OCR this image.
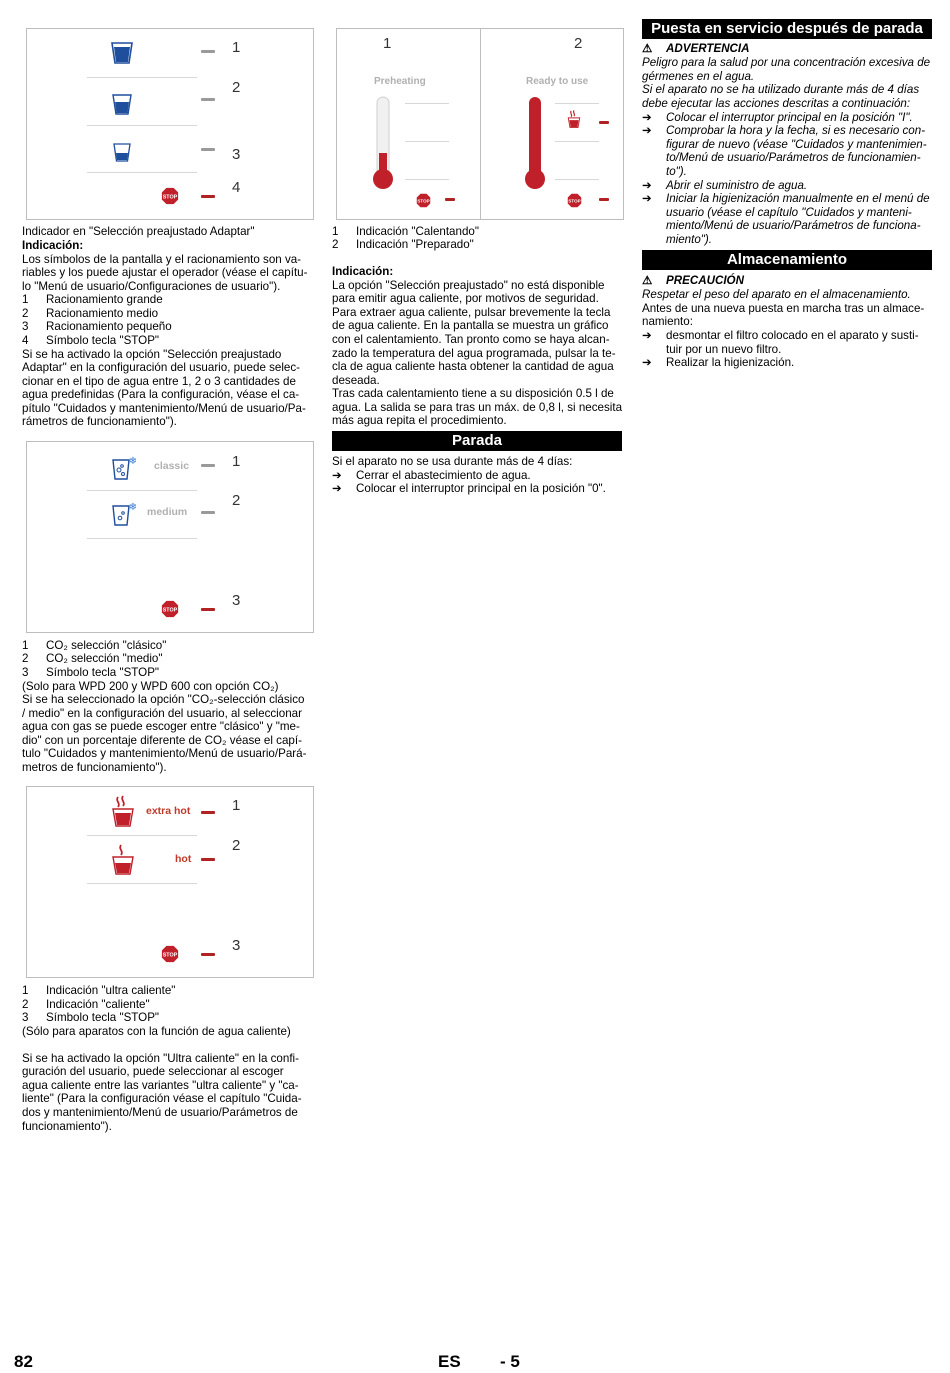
STOP
1
2
3
4
Indicador en "Selección preajustado Adaptar"
Indicación:
Los símbolos de la pantalla y el racionamiento son va-
riables y los puede ajustar el operador (véase el capítu-
lo "Menú de usuario/Configuraciones de usuario").
1 Racionamiento grande
2 Racionamiento medio
3 Racionamiento pequeño
4 Símbolo tecla "STOP"
Si se ha activado la opción "Selección preajustado
Adaptar" en la configuración del usuario, puede selec-
cionar en el tipo de agua entre 1, 2 o 3 cantidades de
agua predefinidas (Para la configuración, véase el ca-
pítulo "Cuidados y mantenimiento/Menú de usuario/Pa-
rámetros de funcionamiento").
❄ classic
❄ medium
STOP
1
2
3
1 CO₂ selección "clásico"
2 CO₂ selección "medio"
3 Símbolo tecla "STOP"
(Solo para WPD 200 y WPD 600 con opción CO₂)
Si se ha seleccionado la opción "CO₂-selección clásico
/ medio" en la configuración del usuario, al seleccionar
agua con gas se puede escoger entre "clásico" y "me-
dio" con un porcentaje diferente de CO₂ véase el capí-
tulo "Cuidados y mantenimiento/Menú de usuario/Pará-
metros de funcionamiento").
extra hot
hot
STOP
1
2
3
1 Indicación "ultra caliente"
2 Indicación "caliente"
3 Símbolo tecla "STOP"
(Sólo para aparatos con la función de agua caliente)
Si se ha activado la opción "Ultra caliente" en la confi-
guración del usuario, puede seleccionar al escoger
agua caliente entre las variantes "ultra caliente" y "ca-
liente" (Para la configuración véase el capítulo "Cuida-
dos y mantenimiento/Menú de usuario/Parámetros de
funcionamiento").
1	2
Preheating	Ready to use
STOP	STOP
1 Indicación "Calentando"
2 Indicación "Preparado"
Indicación:
La opción "Selección preajustado" no está disponible
para emitir agua caliente, por motivos de seguridad.
Para extraer agua caliente, pulsar brevemente la tecla
de agua caliente. En la pantalla se muestra un gráfico
con el calentamiento. Tan pronto como se haya alcan-
zado la temperatura del agua programada, pulsar la te-
cla de agua caliente hasta obtener la cantidad de agua
deseada.
Tras cada calentamiento tiene a su disposición 0.5 l de
agua. La salida se para tras un máx. de 0,8 l, si necesita
más agua repita el procedimiento.
Parada
Si el aparato no se usa durante más de 4 días:
➔ Cerrar el abastecimiento de agua.
➔ Colocar el interruptor principal en la posición "0".
Puesta en servicio después de parada
⚠ ADVERTENCIA
Peligro para la salud por una concentración excesiva de
gérmenes en el agua.
Si el aparato no se ha utilizado durante más de 4 días
debe ejecutar las acciones descritas a continuación:
➔ Colocar el interruptor principal en la posición "I".
➔ Comprobar la hora y la fecha, si es necesario con-
figurar de nuevo (véase "Cuidados y mantenimien-
to/Menú de usuario/Parámetros de funcionamien-
to").
➔ Abrir el suministro de agua.
➔ Iniciar la higienización manualmente en el menú de
usuario (véase el capítulo "Cuidados y manteni-
miento/Menú de usuario/Parámetros de funciona-
miento").
Almacenamiento
⚠ PRECAUCIÓN
Respetar el peso del aparato en el almacenamiento.
Antes de una nueva puesta en marcha tras un almace-
namiento:
➔ desmontar el filtro colocado en el aparato y susti-
tuir por un nuevo filtro.
➔ Realizar la higienización.
82	ES - 5
